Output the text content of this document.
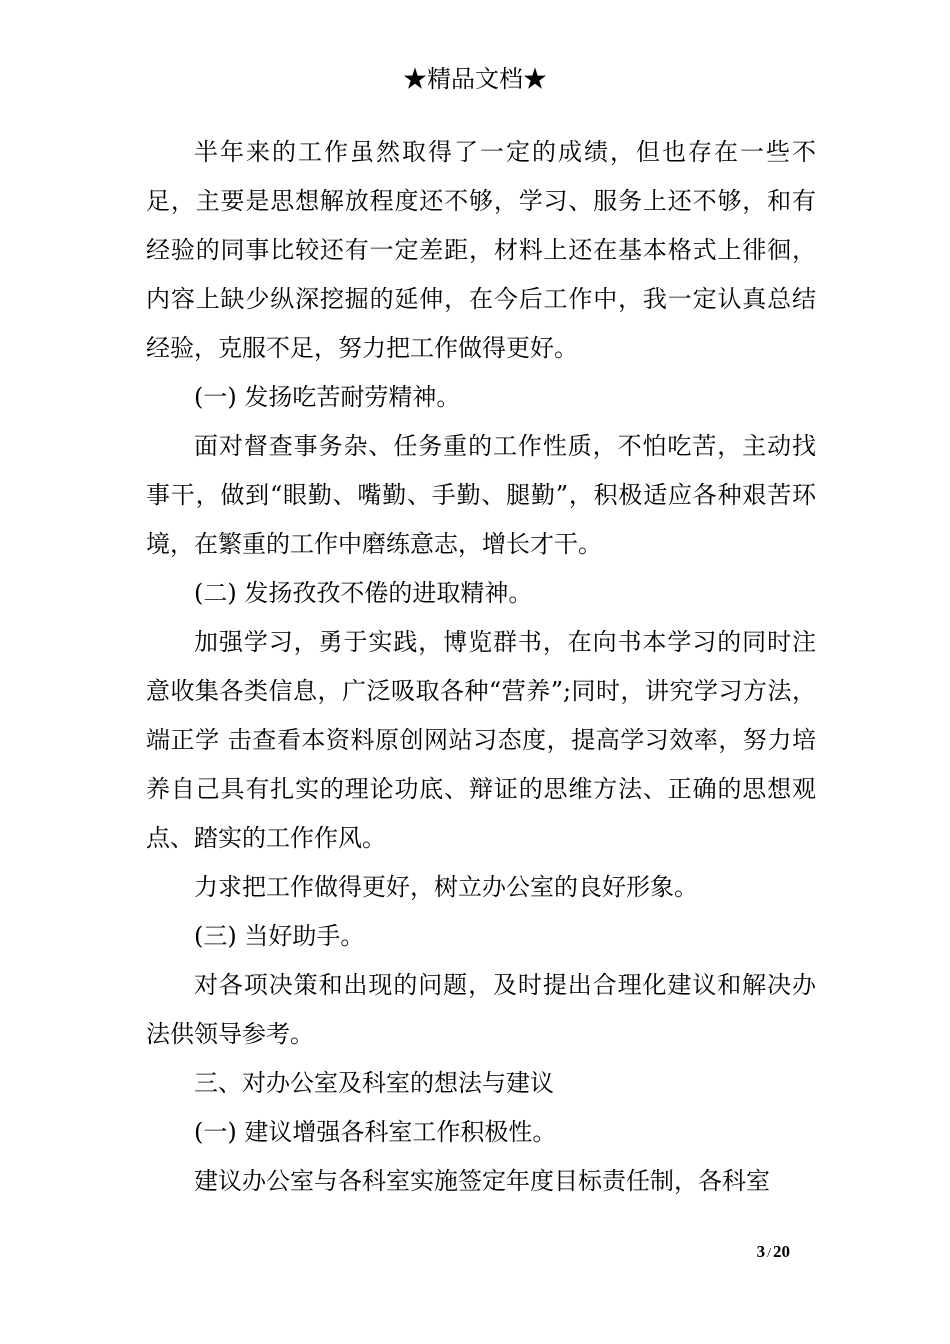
★精品文档★

半年来的工作虽然取得了一定的成绩，但也存在一些不足，主要是思想解放程度还不够，学习、服务上还不够，和有经验的同事比较还有一定差距，材料上还在基本格式上徘徊，内容上缺少纵深挖掘的延伸，在今后工作中，我一定认真总结经验，克服不足，努力把工作做得更好。

(一) 发扬吃苦耐劳精神。

面对督查事务杂、任务重的工作性质，不怕吃苦，主动找事干，做到“眼勤、嘴勤、手勤、腿勤”，积极适应各种艰苦环境，在繁重的工作中磨练意志，增长才干。

(二) 发扬孜孜不倦的进取精神。

加强学习，勇于实践，博览群书，在向书本学习的同时注意收集各类信息，广泛吸取各种“营养”;同时，讲究学习方法，端正学 击查看本资料原创网站习态度，提高学习效率，努力培养自己具有扎实的理论功底、辩证的思维方法、正确的思想观点、踏实的工作作风。

力求把工作做得更好，树立办公室的良好形象。

(三) 当好助手。

对各项决策和出现的问题，及时提出合理化建议和解决办法供领导参考。

三、对办公室及科室的想法与建议

(一) 建议增强各科室工作积极性。

建议办公室与各科室实施签定年度目标责任制，各科室

3 / 20
